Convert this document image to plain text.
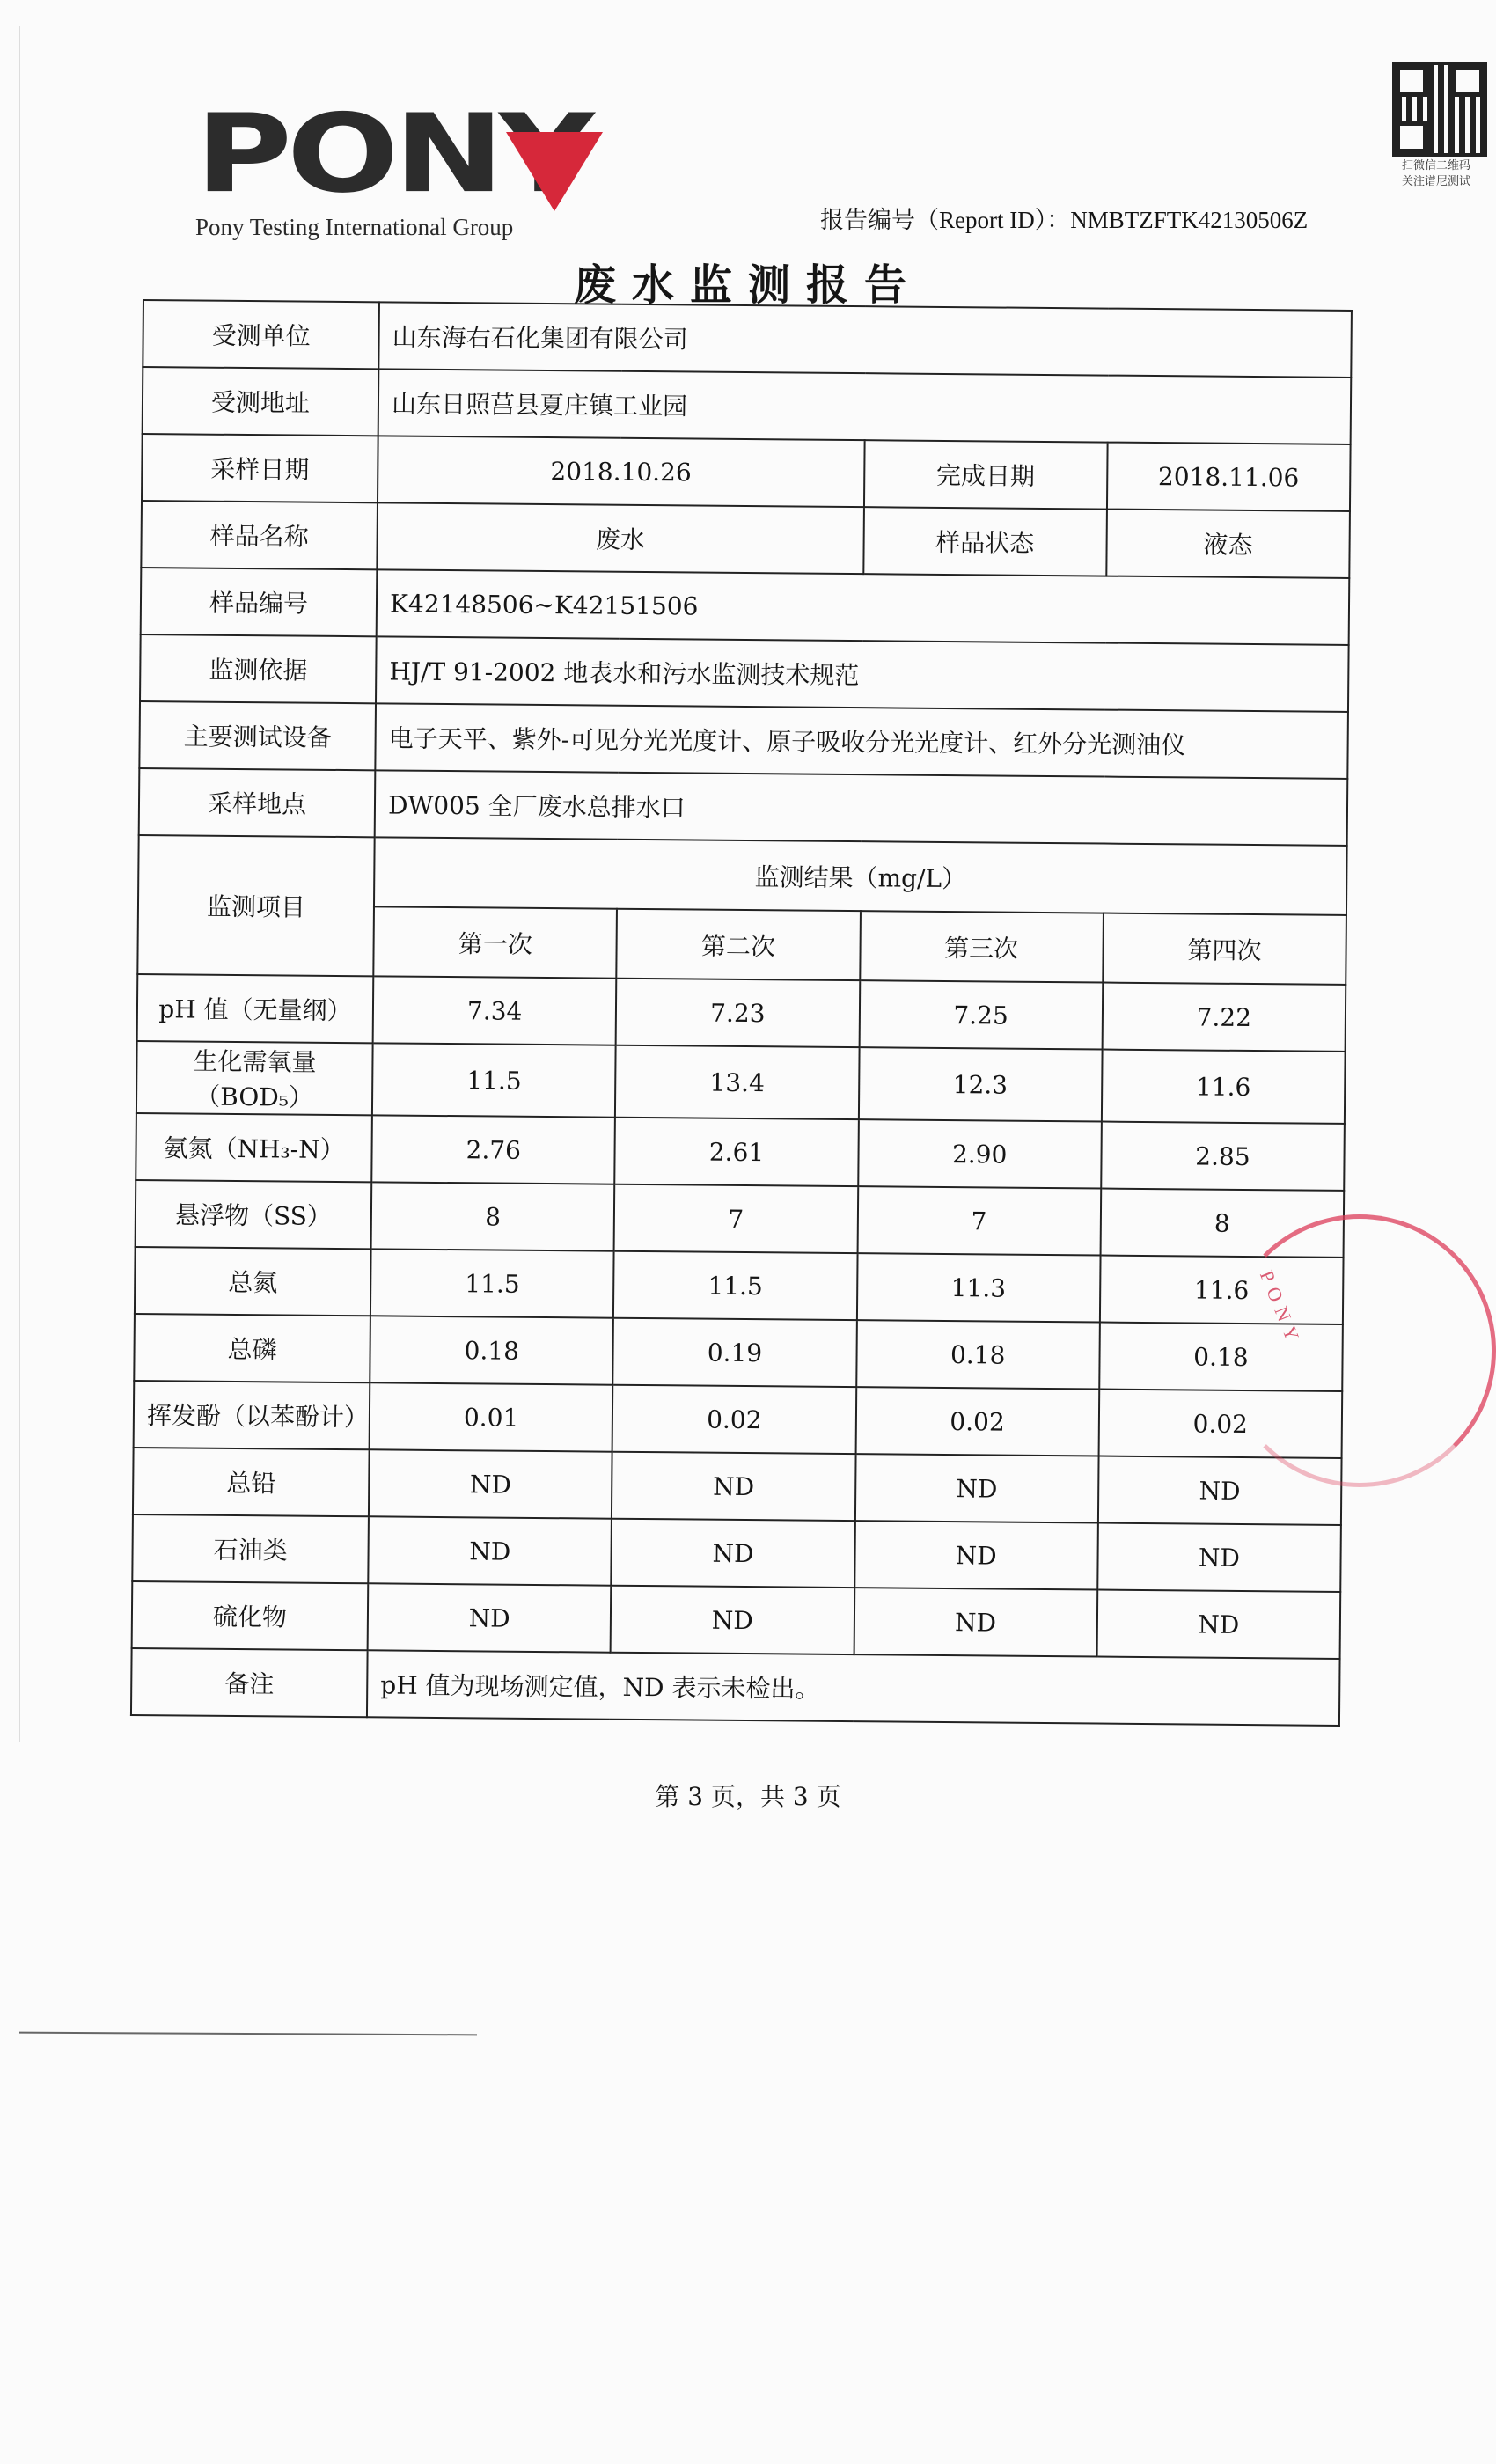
PONY
Pony Testing International Group
扫微信二维码
关注谱尼测试
报告编号（Report ID）：NMBTZFTK42130506Z
废水监测报告
受测单位	山东海右石化集团有限公司			
受测地址	山东日照莒县夏庄镇工业园			
采样日期	2018.10.26		完成日期	2018.11.06
样品名称	废水		样品状态	液态
样品编号	K42148506~K42151506			
监测依据	HJ/T 91-2002 地表水和污水监测技术规范			
主要测试设备	电子天平、紫外-可见分光光度计、原子吸收分光光度计、红外分光测油仪			
采样地点	DW005 全厂废水总排水口			
监测项目	监测结果（mg/L）			
	第一次	第二次	第三次	第四次
pH 值（无量纲）	7.34	7.23	7.25	7.22
生化需氧量（BOD₅）	11.5	13.4	12.3	11.6
氨氮（NH₃-N）	2.76	2.61	2.90	2.85
悬浮物（SS）	8	7	7	8
总氮	11.5	11.5	11.3	11.6
总磷	0.18	0.19	0.18	0.18
挥发酚（以苯酚计）	0.01	0.02	0.02	0.02
总铅	ND	ND	ND	ND
石油类	ND	ND	ND	ND
硫化物	ND	ND	ND	ND
备注	pH 值为现场测定值，ND 表示未检出。			
PONY
第 3 页，共 3 页
